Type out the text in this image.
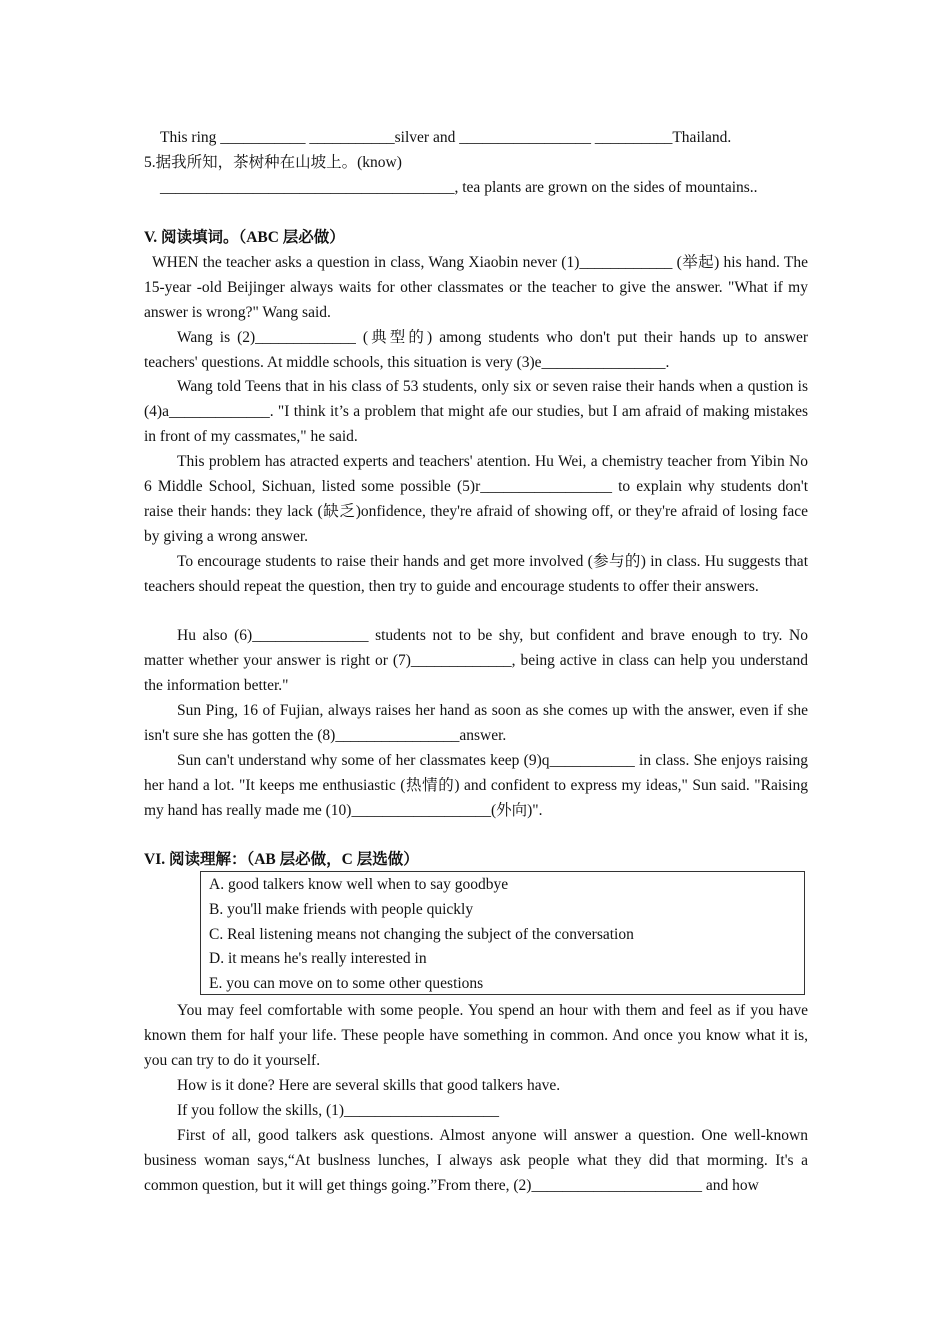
This ring ___________ ___________silver and _________________ __________Thailand.
5.据我所知，茶树种在山坡上。(know)
______________________________________, tea plants are grown on the sides of mountains..
V. 阅读填词。（ABC 层必做）
WHEN the teacher asks a question in class, Wang Xiaobin never (1)____________ (举起) his hand. The 15-year -old Beijinger always waits for other classmates or the teacher to give the answer. "What if my answer is wrong?" Wang said.
Wang is (2)_____________ (典型的) among students who don't put their hands up to answer teachers' questions. At middle schools, this situation is very (3)e________________.
Wang told Teens that in his class of 53 students, only six or seven raise their hands when a qustion is (4)a_____________. "I think it’s a problem that might afe our studies, but I am afraid of making mistakes in front of my cassmates," he said.
This problem has atracted experts and teachers' atention. Hu Wei, a chemistry teacher from Yibin No 6 Middle School, Sichuan, listed some possible (5)r_________________ to explain why students don't raise their hands: they lack (缺乏)onfidence, they're afraid of showing off, or they're afraid of losing face by giving a wrong answer.
To encourage students to raise their hands and get more involved (参与的) in class. Hu suggests that teachers should repeat the question, then try to guide and encourage students to offer their answers.
Hu also (6)_______________ students not to be shy, but confident and brave enough to try. No matter whether your answer is right or (7)_____________, being active in class can help you understand the information better."
Sun Ping, 16 of Fujian, always raises her hand as soon as she comes up with the answer, even if she isn't sure she has gotten the (8)________________answer.
Sun can't understand why some of her classmates keep (9)q___________ in class. She enjoys raising her hand a lot. "It keeps me enthusiastic (热情的) and confident to express my ideas," Sun said. "Raising my hand has really made me (10)__________________(外向)".
VI. 阅读理解：（AB 层必做，C 层选做）
A. good talkers know well when to say goodbye
B. you'll make friends with people quickly
C. Real listening means not changing the subject of the conversation
D. it means he's really interested in
E. you can move on to some other questions
You may feel comfortable with some people. You spend an hour with them and feel as if you have known them for half your life. These people have something in common. And once you know what it is, you can try to do it yourself.
How is it done? Here are several skills that good talkers have.
If you follow the skills, (1)____________________
First of all, good talkers ask questions. Almost anyone will answer a question. One well-known business woman says,“At buslness lunches, I always ask people what they did that morming. It's a common question, but it will get things going.”From there, (2)______________________ and how
